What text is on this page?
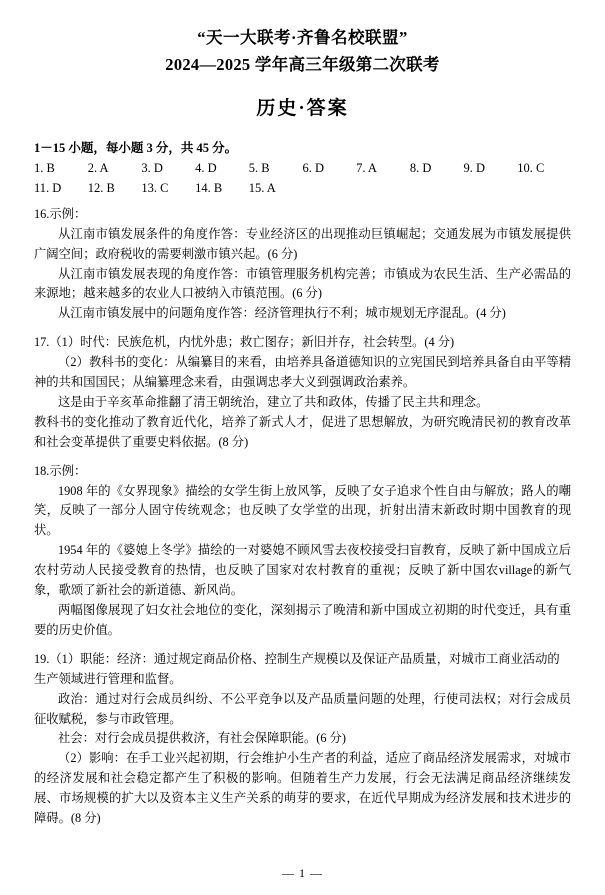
“天一大联考·齐鲁名校联盟”
2024—2025 学年高三年级第二次联考
历史·答案
1－15 小题，每小题 3 分，共 45 分。
1. B	2. A	3. D	4. D	5. B	6. D	7. A	8. D	9. D	10. C
11. D	12. B	13. C	14. B	15. A
16.示例：
从江南市镇发展条件的角度作答：专业经济区的出现推动巨镇崛起；交通发展为市镇发展提供广阔空间；政府税收的需要刺激市镇兴起。(6 分)
从江南市镇发展表现的角度作答：市镇管理服务机构完善；市镇成为农民生活、生产必需品的来源地；越来越多的农业人口被纳入市镇范围。(6 分)
从江南市镇发展中的问题角度作答：经济管理执行不利；城市规划无序混乱。(4 分)
17.（1）时代：民族危机，内忧外患；救亡图存；新旧并存，社会转型。(4 分)
（2）教科书的变化：从编纂目的来看，由培养具备道德知识的立宪国民到培养具备自由平等精神的共和国国民；从编纂理念来看，由强调忠孝大义到强调政治素养。
这是由于辛亥革命推翻了清王朝统治，建立了共和政体，传播了民主共和理念。
教科书的变化推动了教育近代化，培养了新式人才，促进了思想解放，为研究晚清民初的教育改革和社会变革提供了重要史料依据。(8 分)
18.示例：
1908 年的《女界现象》描绘的女学生街上放风筝，反映了女子追求个性自由与解放；路人的嘲笑，反映了一部分人固守传统观念；也反映了女学堂的出现，折射出清末新政时期中国教育的现状。
1954 年的《婆媳上冬学》描绘的一对婆媳不顾风雪去夜校接受扫盲教育，反映了新中国成立后农村劳动人民接受教育的热情，也反映了国家对农村教育的重视；反映了新中国农village的新气象，歌颂了新社会的新道德、新风尚。
两幅图像展现了妇女社会地位的变化，深刻揭示了晚清和新中国成立初期的时代变迁，具有重要的历史价值。
19.（1）职能：经济：通过规定商品价格、控制生产规模以及保证产品质量，对城市工商业活动的生产领域进行管理和监督。
政治：通过对行会成员纠纷、不公平竞争以及产品质量问题的处理，行使司法权；对行会成员征收赋税，参与市政管理。
社会：对行会成员提供救济，有社会保障职能。(6 分)
（2）影响：在手工业兴起初期，行会维护小生产者的利益，适应了商品经济发展需求，对城市的经济发展和社会稳定都产生了积极的影响。但随着生产力发展，行会无法满足商品经济继续发展、市场规模的扩大以及资本主义生产关系的萌芽的要求，在近代早期成为经济发展和技术进步的障碍。(8 分)
— 1 —
